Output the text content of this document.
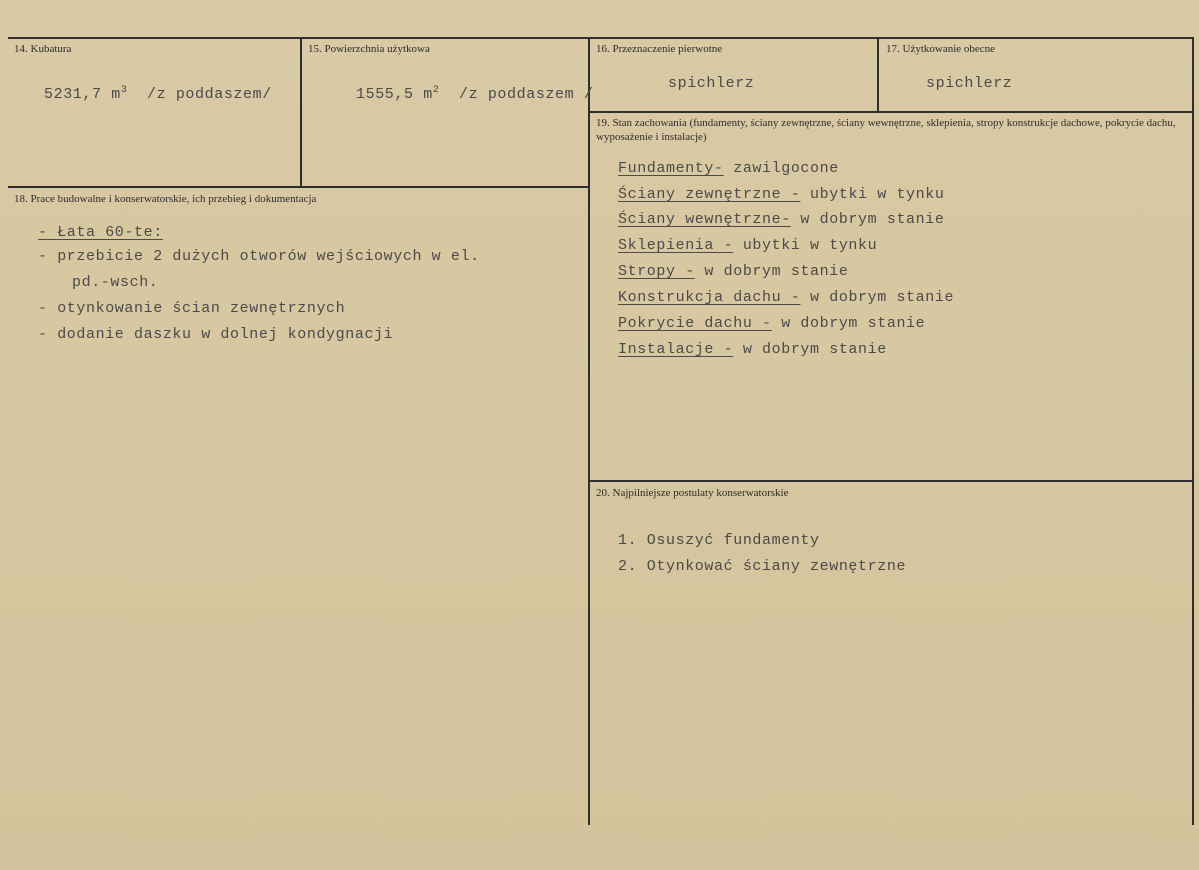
14. Kubatura
5231,7 $m^3$ /z poddaszem/
15. Powierzchnia użytkowa
1555,5 $m^2$ /z poddaszem /
16. Przeznaczenie pierwotne
spichlerz
17. Użytkowanie obecne
spichlerz
18. Prace budowalne i konserwatorskie, ich przebieg i dokumentacja
- Łata 60-te:
- przebicie 2 dużych otworów wejściowych w el.
pd.-wsch.
- otynkowanie ścian zewnętrznych
- dodanie daszku w dolnej kondygnacji
19. Stan zachowania (fundamenty, ściany zewnętrzne, ściany wewnętrzne, sklepienia, stropy konstrukcje dachowe, pokrycie dachu, wyposażenie i instalacje)
Fundamenty- zawilgocone
Ściany zewnętrzne - ubytki w tynku
Ściany wewnętrzne- w dobrym stanie
Sklepienia - ubytki w tynku
Stropy - w dobrym stanie
Konstrukcja dachu - w dobrym stanie
Pokrycie dachu - w dobrym stanie
Instalacje - w dobrym stanie
20. Najpilniejsze postulaty konserwatorskie
1. Osuszyć fundamenty
2. Otynkować ściany zewnętrzne
